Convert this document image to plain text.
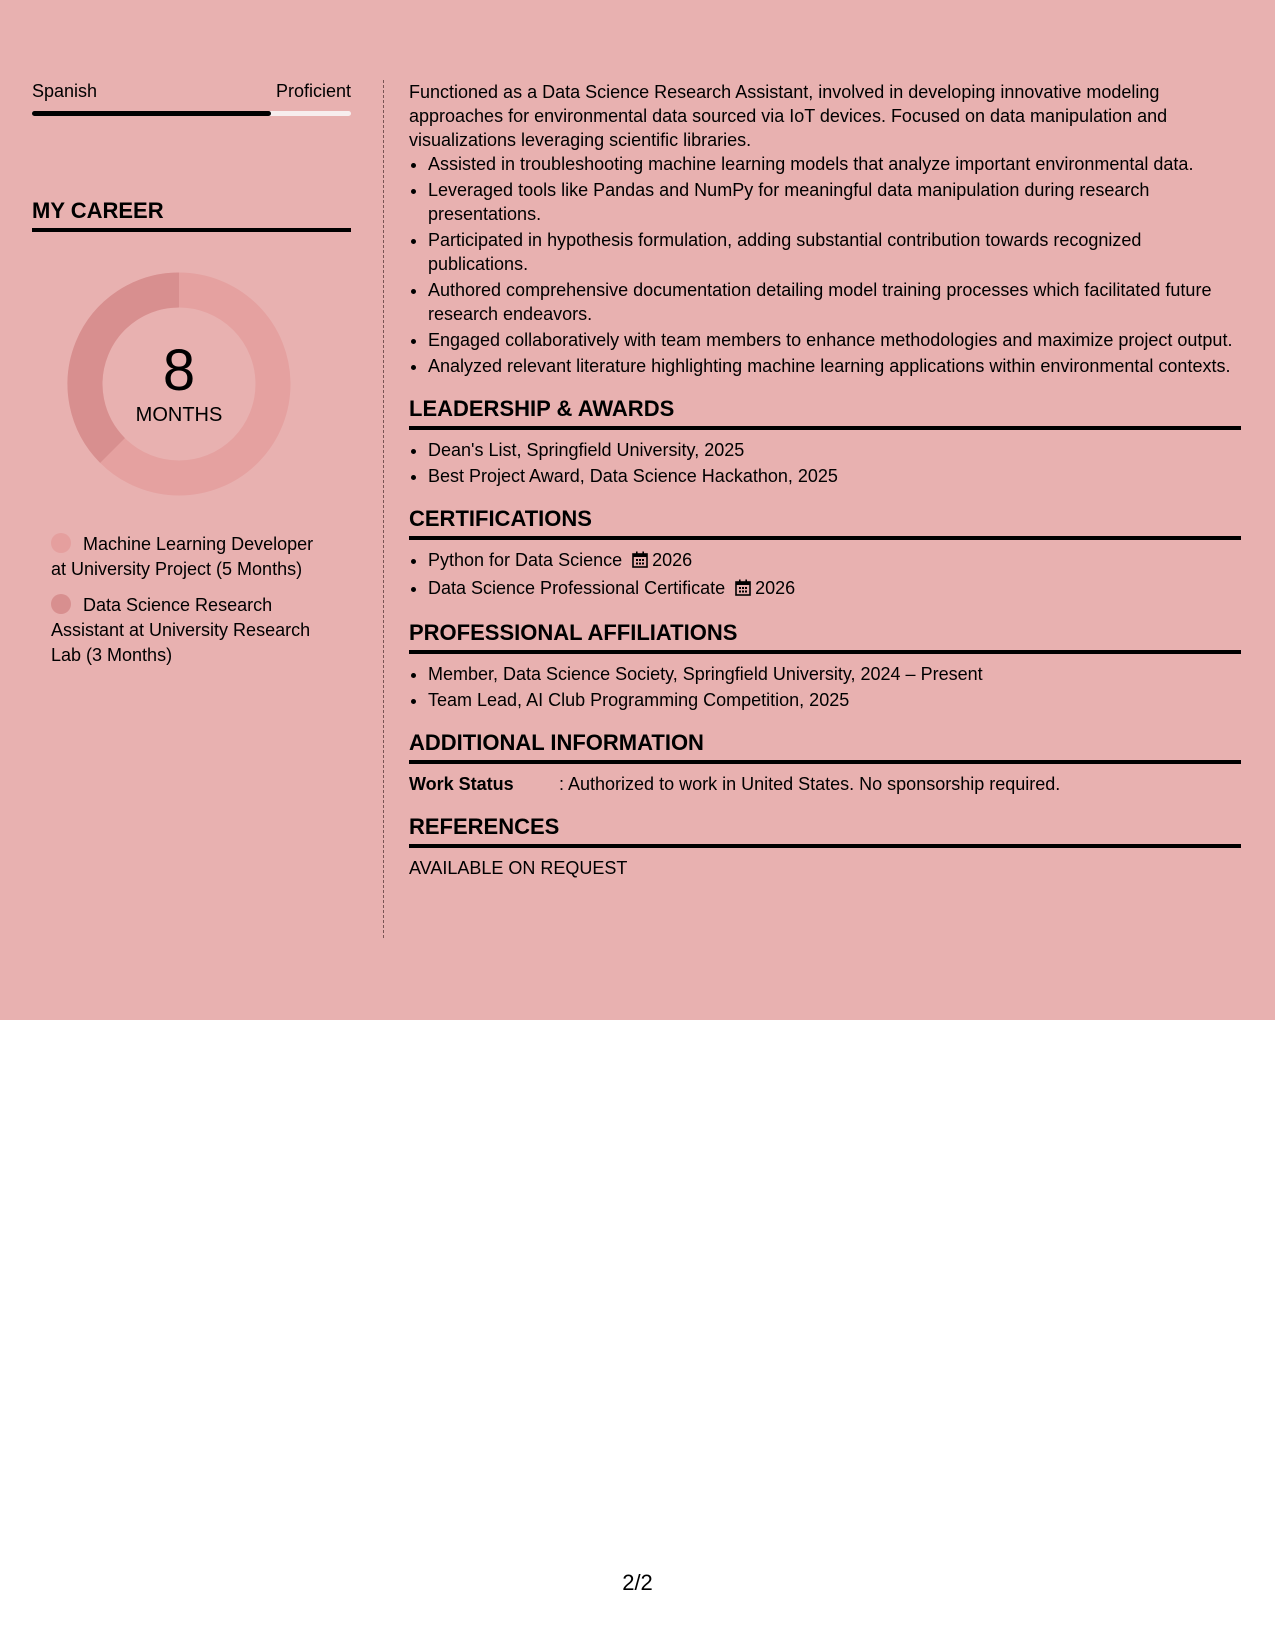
Spanish	Proficient
MY CAREER
8
MONTHS
Machine Learning Developer at University Project (5 Months)
Data Science Research Assistant at University Research Lab (3 Months)

Functioned as a Data Science Research Assistant, involved in developing innovative modeling approaches for environmental data sourced via IoT devices. Focused on data manipulation and visualizations leveraging scientific libraries.

• Assisted in troubleshooting machine learning models that analyze important environmental data.
• Leveraged tools like Pandas and NumPy for meaningful data manipulation during research presentations.
• Participated in hypothesis formulation, adding substantial contribution towards recognized publications.
• Authored comprehensive documentation detailing model training processes which facilitated future research endeavors.
• Engaged collaboratively with team members to enhance methodologies and maximize project output.
• Analyzed relevant literature highlighting machine learning applications within environmental contexts.
LEADERSHIP & AWARDS
• Dean's List, Springfield University, 2025
• Best Project Award, Data Science Hackathon, 2025
CERTIFICATIONS
• Python for Data Science 2026
• Data Science Professional Certificate 2026
PROFESSIONAL AFFILIATIONS
• Member, Data Science Society, Springfield University, 2024 – Present
• Team Lead, AI Club Programming Competition, 2025
ADDITIONAL INFORMATION
Work Status	: Authorized to work in United States. No sponsorship required.
REFERENCES
AVAILABLE ON REQUEST
2/2
